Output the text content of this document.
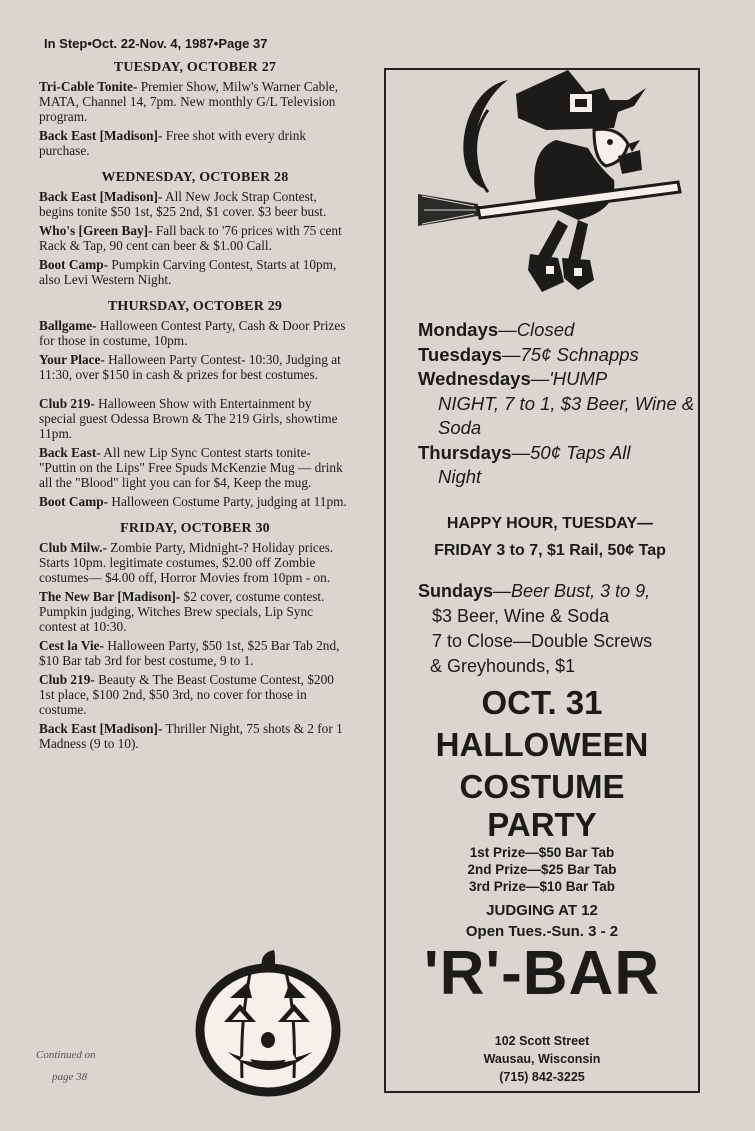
In Step•Oct. 22-Nov. 4, 1987•Page 37
TUESDAY, OCTOBER 27

Tri-Cable Tonite- Premier Show, Milw's Warner Cable, MATA, Channel 14, 7pm. New monthly G/L Television program.

Back East [Madison]- Free shot with every drink purchase.

WEDNESDAY, OCTOBER 28

Back East [Madison]- All New Jock Strap Contest, begins tonite $50 1st, $25 2nd, $1 cover. $3 beer bust.

Who's [Green Bay]- Fall back to '76 prices with 75 cent Rack & Tap, 90 cent can beer & $1.00 Call.

Boot Camp- Pumpkin Carving Contest, Starts at 10pm, also Levi Western Night.

THURSDAY, OCTOBER 29

Ballgame- Halloween Contest Party, Cash & Door Prizes for those in costume, 10pm.

Your Place- Halloween Party Contest- 10:30, Judging at 11:30, over $150 in cash & prizes for best costumes.

Club 219- Halloween Show with Entertainment by special guest Odessa Brown & The 219 Girls, showtime 11pm.

Back East- All new Lip Sync Contest starts tonite- "Puttin on the Lips" Free Spuds McKenzie Mug — drink all the "Blood" light you can for $4, Keep the mug.

Boot Camp- Halloween Costume Party, judging at 11pm.

FRIDAY, OCTOBER 30

Club Milw.- Zombie Party, Midnight-? Holiday prices. Starts 10pm. legitimate costumes, $2.00 off Zombie costumes— $4.00 off, Horror Movies from 10pm - on.

The New Bar [Madison]- $2 cover, costume contest. Pumpkin judging, Witches Brew specials, Lip Sync contest at 10:30.

Cest la Vie- Halloween Party, $50 1st, $25 Bar Tab 2nd, $10 Bar tab 3rd for best costume, 9 to 1.

Club 219- Beauty & The Beast Costume Contest, $200 1st place, $100 2nd, $50 3rd, no cover for those in costume.

Back East [Madison]- Thriller Night, 75 shots & 2 for 1 Madness (9 to 10).

Continued on
page 38

Mondays—Closed

Tuesdays—75¢ Schnapps

Wednesdays—'HUMP

NIGHT, 7 to 1, $3 Beer, Wine & Soda

Thursdays—50¢ Taps All

Night

HAPPY HOUR, TUESDAY—
FRIDAY 3 to 7, $1 Rail, 50¢ Tap

Sundays—Beer Bust, 3 to 9,

$3 Beer, Wine & Soda

7 to Close—Double Screws

& Greyhounds, $1

OCT. 31
HALLOWEEN
COSTUME
PARTY
1st Prize—$50 Bar Tab
2nd Prize—$25 Bar Tab
3rd Prize—$10 Bar Tab
JUDGING AT 12
Open Tues.-Sun. 3 - 2
'R'-BAR
102 Scott Street
Wausau, Wisconsin
(715) 842-3225
